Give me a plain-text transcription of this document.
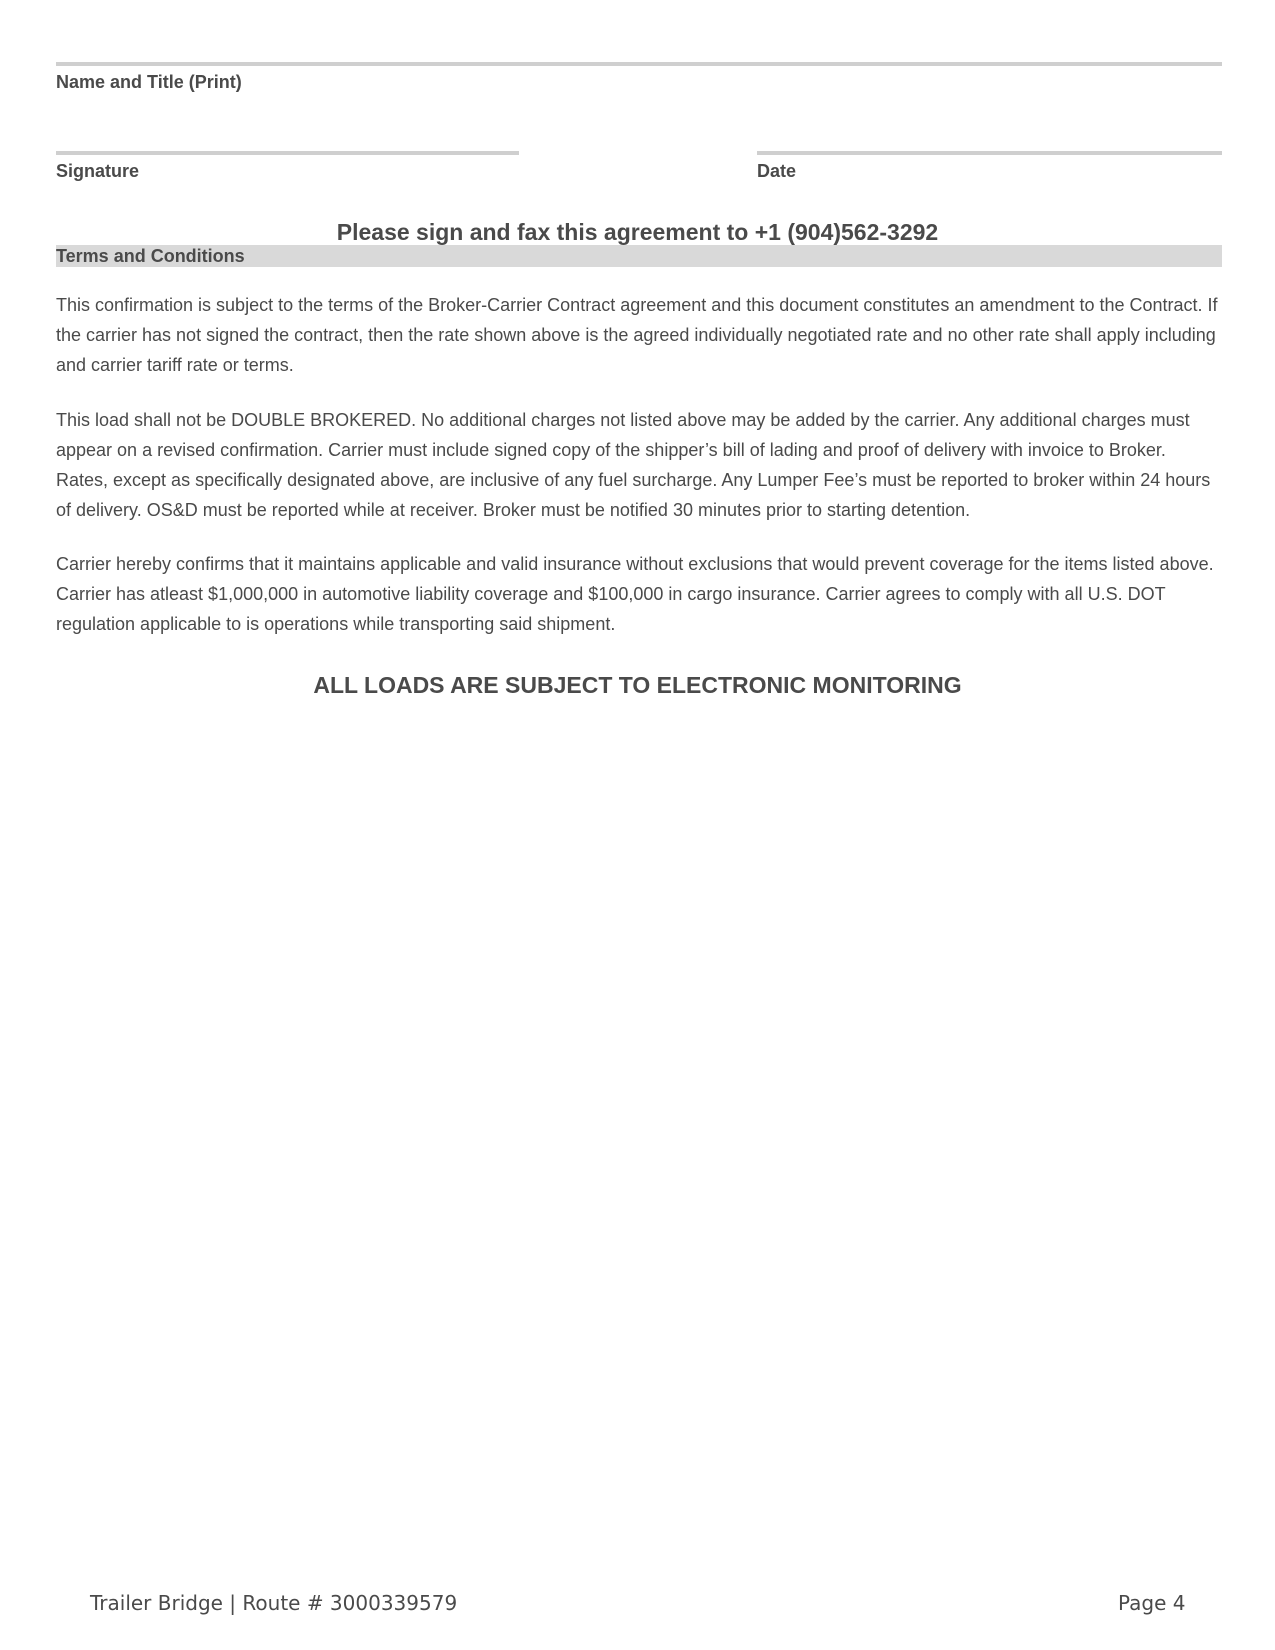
Name and Title (Print)
Signature	Date
Please sign and fax this agreement to +1 (904)562-3292
Terms and Conditions

This confirmation is subject to the terms of the Broker-Carrier Contract agreement and this document constitutes an amendment to the Contract. If the carrier has not signed the contract, then the rate shown above is the agreed individually negotiated rate and no other rate shall apply including and carrier tariff rate or terms.

This load shall not be DOUBLE BROKERED. No additional charges not listed above may be added by the carrier. Any additional charges must appear on a revised confirmation. Carrier must include signed copy of the shipper’s bill of lading and proof of delivery with invoice to Broker. Rates, except as specifically designated above, are inclusive of any fuel surcharge. Any Lumper Fee’s must be reported to broker within 24 hours of delivery. OS&D must be reported while at receiver. Broker must be notified 30 minutes prior to starting detention.

Carrier hereby confirms that it maintains applicable and valid insurance without exclusions that would prevent coverage for the items listed above. Carrier has atleast $1,000,000 in automotive liability coverage and $100,000 in cargo insurance. Carrier agrees to comply with all U.S. DOT regulation applicable to is operations while transporting said shipment.

ALL LOADS ARE SUBJECT TO ELECTRONIC MONITORING
Trailer Bridge | Route # 3000339579	Page 4
